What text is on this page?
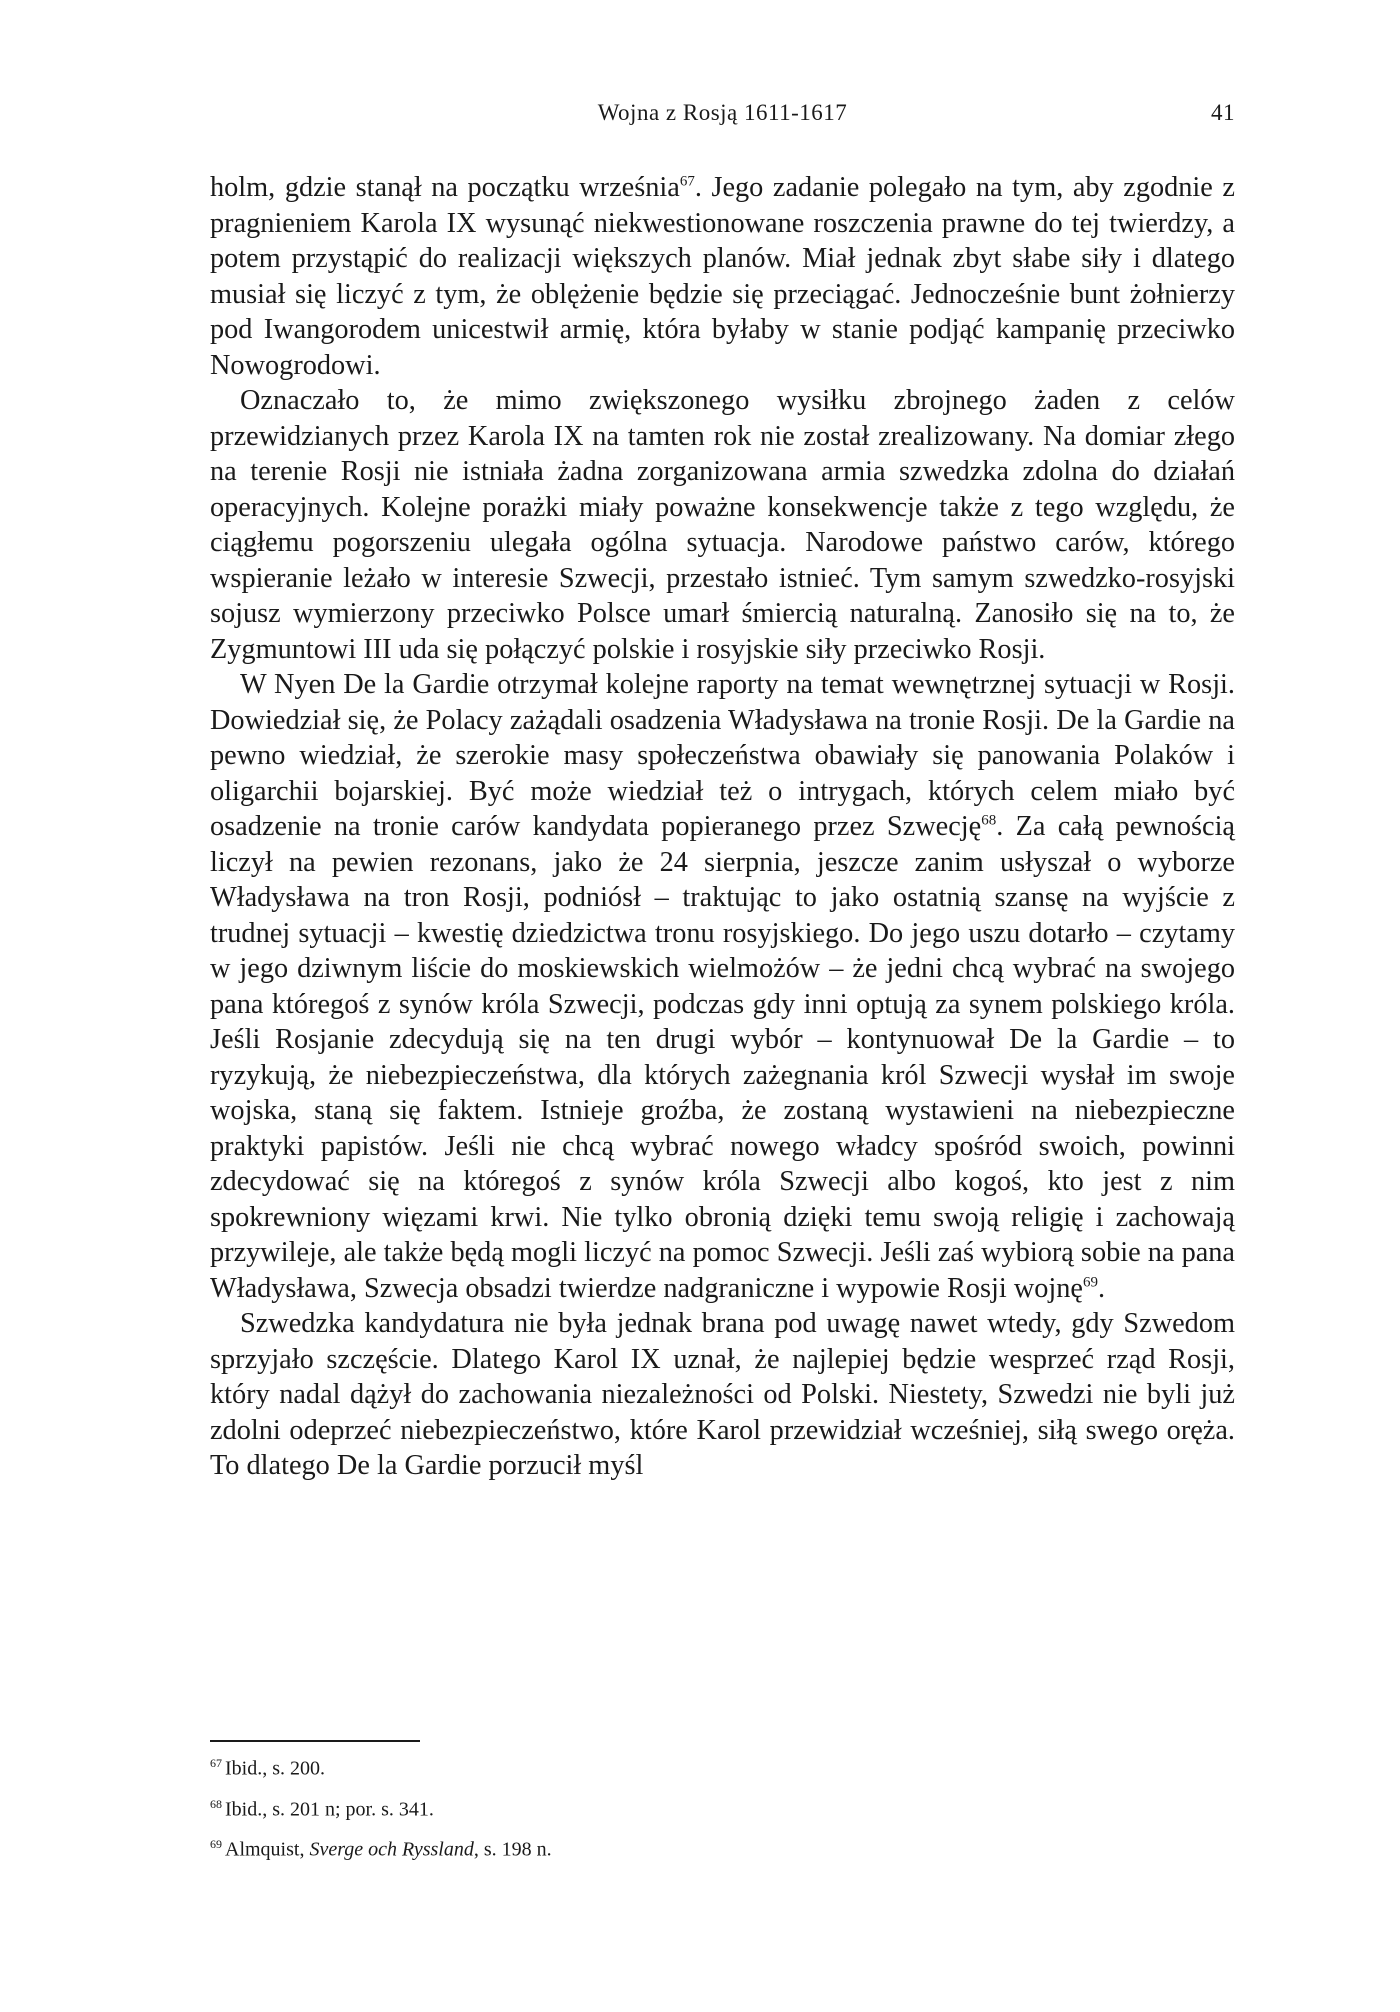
Wojna z Rosją 1611-1617	41

holm, gdzie stanął na początku września$^{67}$. Jego zadanie polegało na tym, aby zgodnie z pragnieniem Karola IX wysunąć niekwestionowane roszczenia prawne do tej twierdzy, a potem przystąpić do realizacji większych planów. Miał jednak zbyt słabe siły i dlatego musiał się liczyć z tym, że oblężenie będzie się przeciągać. Jednocześnie bunt żołnierzy pod Iwangorodem unicestwił armię, która byłaby w stanie podjąć kampanię przeciwko Nowogrodowi.

Oznaczało to, że mimo zwiększonego wysiłku zbrojnego żaden z celów przewidzianych przez Karola IX na tamten rok nie został zrealizowany. Na domiar złego na terenie Rosji nie istniała żadna zorganizowana armia szwedzka zdolna do działań operacyjnych. Kolejne porażki miały poważne konsekwencje także z tego względu, że ciągłemu pogorszeniu ulegała ogólna sytuacja. Narodowe państwo carów, którego wspieranie leżało w interesie Szwecji, przestało istnieć. Tym samym szwedzko-rosyjski sojusz wymierzony przeciwko Polsce umarł śmiercią naturalną. Zanosiło się na to, że Zygmuntowi III uda się połączyć polskie i rosyjskie siły przeciwko Rosji.

W Nyen De la Gardie otrzymał kolejne raporty na temat wewnętrznej sytuacji w Rosji. Dowiedział się, że Polacy zażądali osadzenia Władysława na tronie Rosji. De la Gardie na pewno wiedział, że szerokie masy społeczeństwa obawiały się panowania Polaków i oligarchii bojarskiej. Być może wiedział też o intrygach, których celem miało być osadzenie na tronie carów kandydata popieranego przez Szwecję$^{68}$. Za całą pewnością liczył na pewien rezonans, jako że 24 sierpnia, jeszcze zanim usłyszał o wyborze Władysława na tron Rosji, podniósł – traktując to jako ostatnią szansę na wyjście z trudnej sytuacji – kwestię dziedzictwa tronu rosyjskiego. Do jego uszu dotarło – czytamy w jego dziwnym liście do moskiewskich wielmożów – że jedni chcą wybrać na swojego pana któregoś z synów króla Szwecji, podczas gdy inni optują za synem polskiego króla. Jeśli Rosjanie zdecydują się na ten drugi wybór – kontynuował De la Gardie – to ryzykują, że niebezpieczeństwa, dla których zażegnania król Szwecji wysłał im swoje wojska, staną się faktem. Istnieje groźba, że zostaną wystawieni na niebezpieczne praktyki papistów. Jeśli nie chcą wybrać nowego władcy spośród swoich, powinni zdecydować się na któregoś z synów króla Szwecji albo kogoś, kto jest z nim spokrewniony więzami krwi. Nie tylko obronią dzięki temu swoją religię i zachowają przywileje, ale także będą mogli liczyć na pomoc Szwecji. Jeśli zaś wybiorą sobie na pana Władysława, Szwecja obsadzi twierdze nadgraniczne i wypowie Rosji wojnę$^{69}$.

Szwedzka kandydatura nie była jednak brana pod uwagę nawet wtedy, gdy Szwedom sprzyjało szczęście. Dlatego Karol IX uznał, że najlepiej będzie wesprzeć rząd Rosji, który nadal dążył do zachowania niezależności od Polski. Niestety, Szwedzi nie byli już zdolni odeprzeć niebezpieczeństwo, które Karol przewidział wcześniej, siłą swego oręża. To dlatego De la Gardie porzucił myśl

$^{67}$ Ibid., s. 200.

$^{68}$ Ibid., s. 201 n; por. s. 341.

$^{69}$ Almquist, Sverge och Ryssland, s. 198 n.
